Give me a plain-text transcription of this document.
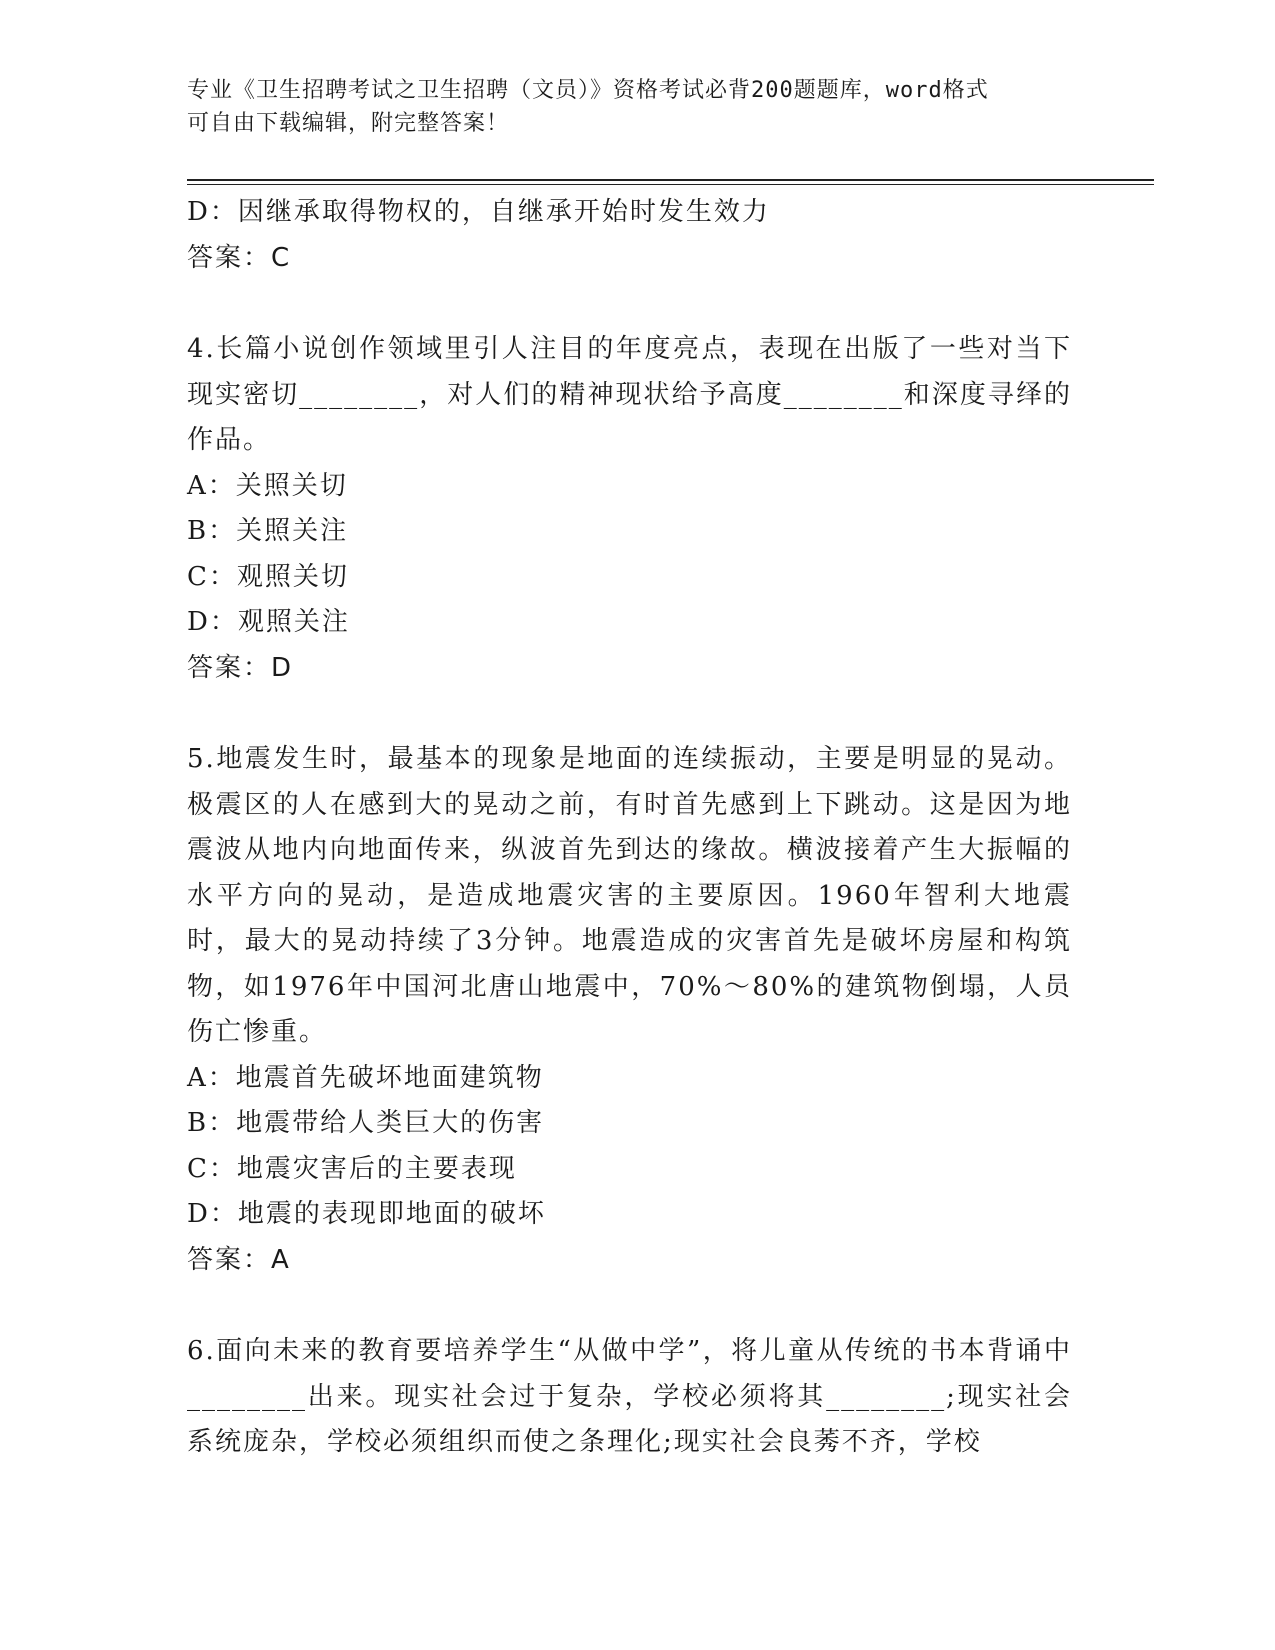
专业《卫生招聘考试之卫生招聘（文员）》资格考试必背200题题库，word格式
可自由下载编辑，附完整答案！
D：因继承取得物权的，自继承开始时发生效力
答案：C
4.长篇小说创作领域里引人注目的年度亮点，表现在出版了一些对当下现实密切________，对人们的精神现状给予高度________和深度寻绎的作品。
A：关照关切
B：关照关注
C：观照关切
D：观照关注
答案：D
5.地震发生时，最基本的现象是地面的连续振动，主要是明显的晃动。极震区的人在感到大的晃动之前，有时首先感到上下跳动。这是因为地震波从地内向地面传来，纵波首先到达的缘故。横波接着产生大振幅的水平方向的晃动，是造成地震灾害的主要原因。1960年智利大地震时，最大的晃动持续了3分钟。地震造成的灾害首先是破坏房屋和构筑物，如1976年中国河北唐山地震中，70%～80%的建筑物倒塌，人员伤亡惨重。
A：地震首先破坏地面建筑物
B：地震带给人类巨大的伤害
C：地震灾害后的主要表现
D：地震的表现即地面的破坏
答案：A
6.面向未来的教育要培养学生“从做中学”，将儿童从传统的书本背诵中________出来。现实社会过于复杂，学校必须将其________;现实社会系统庞杂，学校必须组织而使之条理化;现实社会良莠不齐，学校
